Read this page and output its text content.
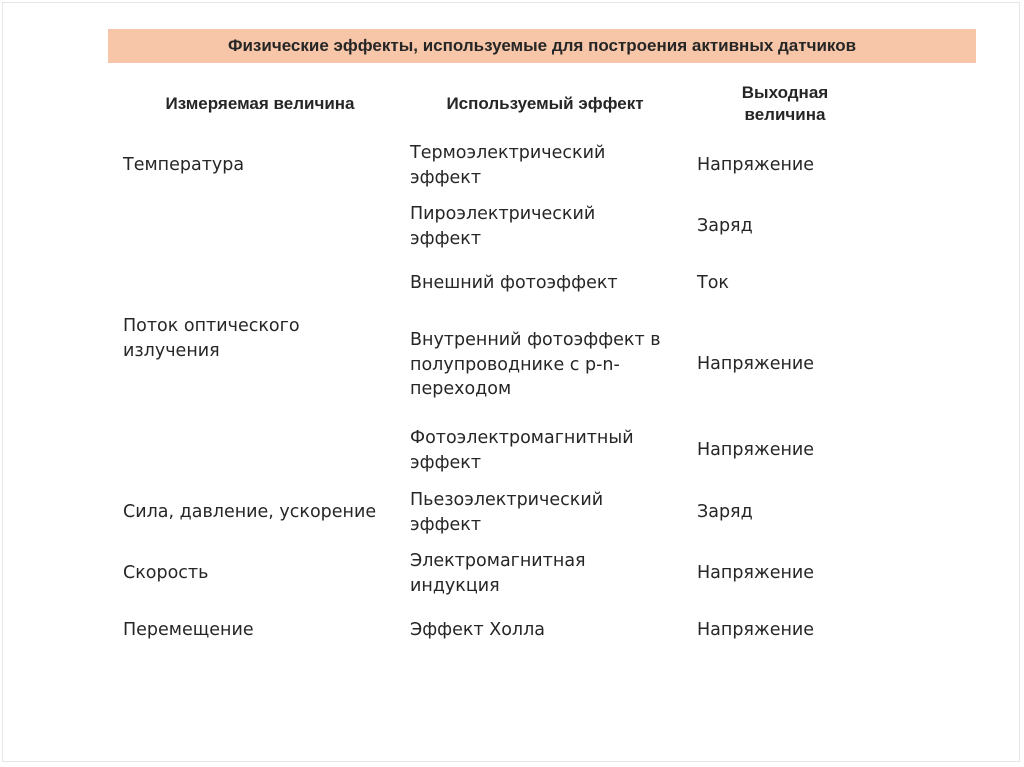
Физические эффекты, используемые для построения активных датчиков
Измеряемая величина	Используемый эффект
Выходная
величина
Температура
Поток оптического
излучения
Сила, давление, ускорение
Скорость
Перемещение
Термоэлектрический
эффект
Пироэлектрический
эффект
Внешний фотоэффект
Внутренний фотоэффект в
полупроводнике с р-n-
переходом
Фотоэлектромагнитный
эффект
Пьезоэлектрический
эффект
Электромагнитная
индукция
Эффект Холла
Напряжение
Заряд
Ток
Напряжение
Напряжение
Заряд
Напряжение
Напряжение
